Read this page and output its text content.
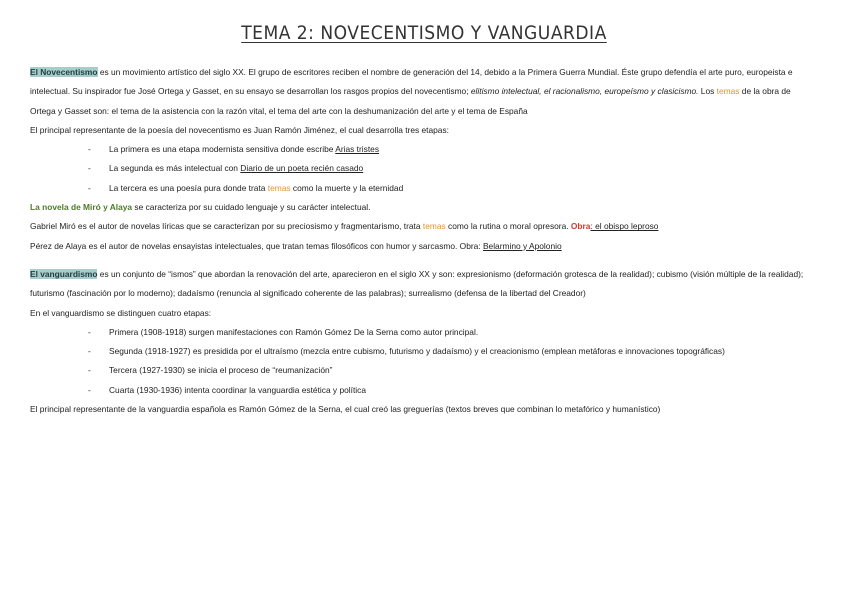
TEMA 2: NOVECENTISMO Y VANGUARDIA
El Novecentismo es un movimiento artístico del siglo XX. El grupo de escritores reciben el nombre de generación del 14, debido a la Primera Guerra Mundial. Éste grupo defendía el arte puro, europeista e intelectual. Su inspirador fue José Ortega y Gasset, en su ensayo se desarrollan los rasgos propios del novecentismo; elitismo intelectual, el racionalismo, europeísmo y clasicismo. Los temas de la obra de Ortega y Gasset son: el tema de la asistencia con la razón vital, el tema del arte con la deshumanización del arte y el tema de España
El principal representante de la poesía del novecentismo es Juan Ramón Jiménez, el cual desarrolla tres etapas:
- La primera es una etapa modernista sensitiva donde escribe Arias tristes
- La segunda es más intelectual con Diario de un poeta recién casado
- La tercera es una poesía pura donde trata temas como la muerte y la eternidad
La novela de Miró y Alaya se caracteriza por su cuidado lenguaje y su carácter intelectual.
Gabriel Miró es el autor de novelas líricas que se caracterizan por su preciosismo y fragmentarismo, trata temas como la rutina o moral opresora. Obra: el obispo leproso
Pérez de Alaya es el autor de novelas ensayistas intelectuales, que tratan temas filosóficos con humor y sarcasmo. Obra: Belarmino y Apolonio
El vanguardismo es un conjunto de “ismos” que abordan la renovación del arte, aparecieron en el siglo XX y son: expresionismo (deformación grotesca de la realidad); cubismo (visión múltiple de la realidad); futurismo (fascinación por lo moderno); dadaísmo (renuncia al significado coherente de las palabras); surrealismo (defensa de la libertad del Creador)
En el vanguardismo se distinguen cuatro etapas:
- Primera (1908-1918) surgen manifestaciones con Ramón Gómez De la Serna como autor principal.
- Segunda (1918-1927) es presidida por el ultraísmo (mezcla entre cubismo, futurismo y dadaísmo) y el creacionismo (emplean metáforas e innovaciones topográficas)
- Tercera (1927-1930) se inicia el proceso de “reumanización”
- Cuarta (1930-1936) intenta coordinar la vanguardia estética y política
El principal representante de la vanguardia española es Ramón Gómez de la Serna, el cual creó las greguerías (textos breves que combinan lo metafórico y humanístico)
